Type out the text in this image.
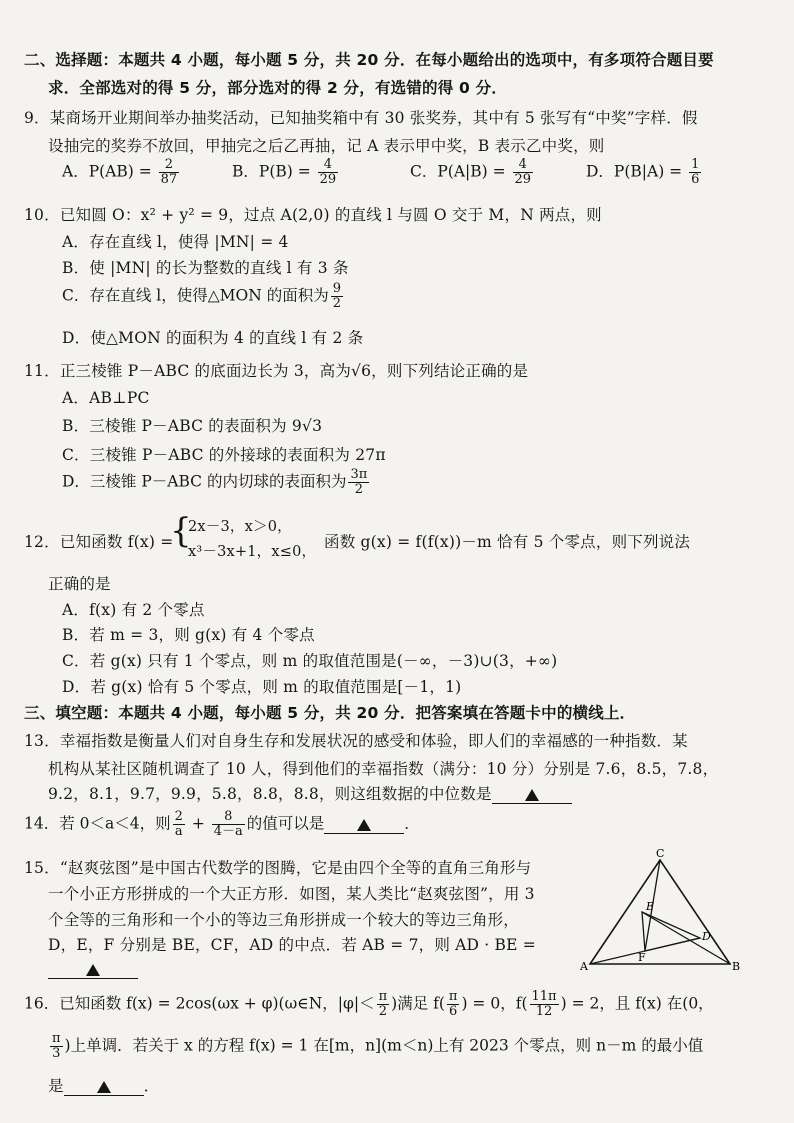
二、选择题：本题共 4 小题，每小题 5 分，共 20 分．在每小题给出的选项中，有多项符合题目要
求．全部选对的得 5 分，部分选对的得 2 分，有选错的得 0 分．
9．某商场开业期间举办抽奖活动，已知抽奖箱中有 30 张奖券，其中有 5 张写有“中奖”字样．假
设抽完的奖券不放回，甲抽完之后乙再抽，记 A 表示甲中奖，B 表示乙中奖，则
A．$P(AB) = \frac{2}{87}$	B．$P(B) = \frac{4}{29}$	C．$P(A|B) = \frac{4}{29}$	D．$P(B|A) = \frac{1}{6}$
10．已知圆 O：x² + y² = 9，过点 A(2,0) 的直线 l 与圆 O 交于 M，N 两点，则
A．存在直线 l，使得 |MN| = 4
B．使 |MN| 的长为整数的直线 l 有 3 条
C．存在直线 l，使得△MON 的面积为 $\frac{9}{2}$
D．使△MON 的面积为 4 的直线 l 有 2 条
11．正三棱锥 P－ABC 的底面边长为 3，高为√6，则下列结论正确的是
A．AB⊥PC
B．三棱锥 P－ABC 的表面积为 9√3
C．三棱锥 P－ABC 的外接球的表面积为 27π
D．三棱锥 P－ABC 的内切球的表面积为 $\frac{3\pi}{2}$
12．已知函数 f(x) =
{
2x－3，x＞0，
x³－3x+1，x≤0，
函数 g(x) = f(f(x))－m 恰有 5 个零点，则下列说法
正确的是
A．f(x) 有 2 个零点
B．若 m = 3，则 g(x) 有 4 个零点
C．若 g(x) 只有 1 个零点，则 m 的取值范围是(－∞，－3)∪(3，+∞)
D．若 g(x) 恰有 5 个零点，则 m 的取值范围是[－1，1)
三、填空题：本题共 4 小题，每小题 5 分，共 20 分．把答案填在答题卡中的横线上．
13．幸福指数是衡量人们对自身生存和发展状况的感受和体验，即人们的幸福感的一种指数．某
机构从某社区随机调查了 10 人，得到他们的幸福指数（满分：10 分）分别是 7.6，8.5，7.8，
9.2，8.1，9.7，9.9，5.8，8.8，8.8，则这组数据的中位数是
14．若 0＜a＜4，则 $\frac{2}{a} + \frac{8}{4-a}$ 的值可以是	．
15．“赵爽弦图”是中国古代数学的图腾，它是由四个全等的直角三角形与
一个小正方形拼成的一个大正方形．如图，某人类比“赵爽弦图”，用 3
个全等的三角形和一个小的等边三角形拼成一个较大的等边三角形，
D，E，F 分别是 BE，CF，AD 的中点．若 AB = 7，则 AD · BE =
C
E
D
A
F
B
16．已知函数 f(x) = 2cos(ωx + φ)(ω∈N，$|\varphi|< \frac{\pi}{2}$ )满足 $f( \frac{\pi}{6}$ ) = 0，$f( \frac{11\pi}{12}$ ) = 2，且 f(x) 在(0，
$\frac{\pi}{3}$ )上单调．若关于 x 的方程 f(x) = 1 在[m，n](m＜n)上有 2023 个零点，则 n－m 的最小值
是	．
